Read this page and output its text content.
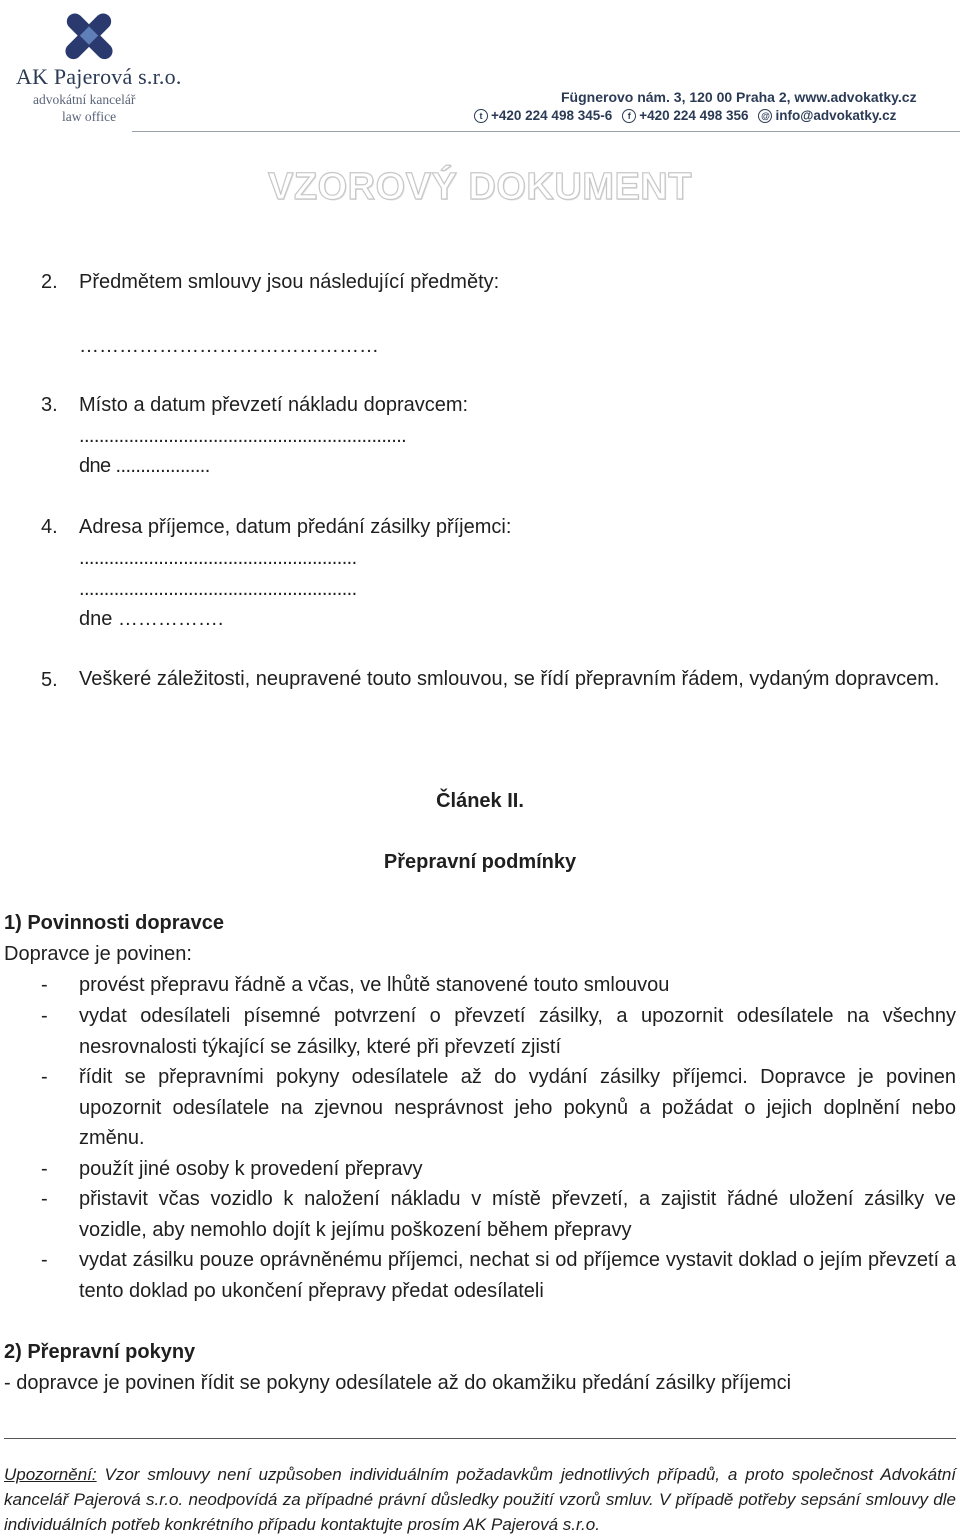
AK Pajerová s.r.o.
advokátní kancelář
law office
Fügnerovo nám. 3, 120 00 Praha 2, www.advokatky.cz
t +420 224 498 345-6	f +420 224 498 356 @ info@advokatky.cz
VZOROVÝ DOKUMENT
2. Předmětem smlouvy jsou následující předměty:
………………………………………
3. Místo a datum převzetí nákladu dopravcem:
..................................................................
dne ...................
4. Adresa příjemce, datum předání zásilky příjemci:
........................................................
........................................................
dne …………….
5. Veškeré záležitosti, neupravené touto smlouvou, se řídí přepravním řádem, vydaným dopravcem.
Článek II.
Přepravní podmínky
1) Povinnosti dopravce
Dopravce je povinen:
- provést přepravu řádně a včas, ve lhůtě stanovené touto smlouvou
- vydat odesílateli písemné potvrzení o převzetí zásilky, a upozornit odesílatele na všechny nesrovnalosti týkající se zásilky, které při převzetí zjistí
- řídit se přepravními pokyny odesílatele až do vydání zásilky příjemci. Dopravce je povinen upozornit odesílatele na zjevnou nesprávnost jeho pokynů a požádat o jejich doplnění nebo změnu.
- použít jiné osoby k provedení přepravy
- přistavit včas vozidlo k naložení nákladu v místě převzetí, a zajistit řádné uložení zásilky ve vozidle, aby nemohlo dojít k jejímu poškození během přepravy
- vydat zásilku pouze oprávněnému příjemci, nechat si od příjemce vystavit doklad o jejím převzetí a tento doklad po ukončení přepravy předat odesílateli
2) Přepravní pokyny
- dopravce je povinen řídit se pokyny odesílatele až do okamžiku předání zásilky příjemci
Upozornění: Vzor smlouvy není uzpůsoben individuálním požadavkům jednotlivých případů, a proto společnost Advokátní kancelář Pajerová s.r.o. neodpovídá za případné právní důsledky použití vzorů smluv. V případě potřeby sepsání smlouvy dle individuálních potřeb konkrétního případu kontaktujte prosím AK Pajerová s.r.o.
